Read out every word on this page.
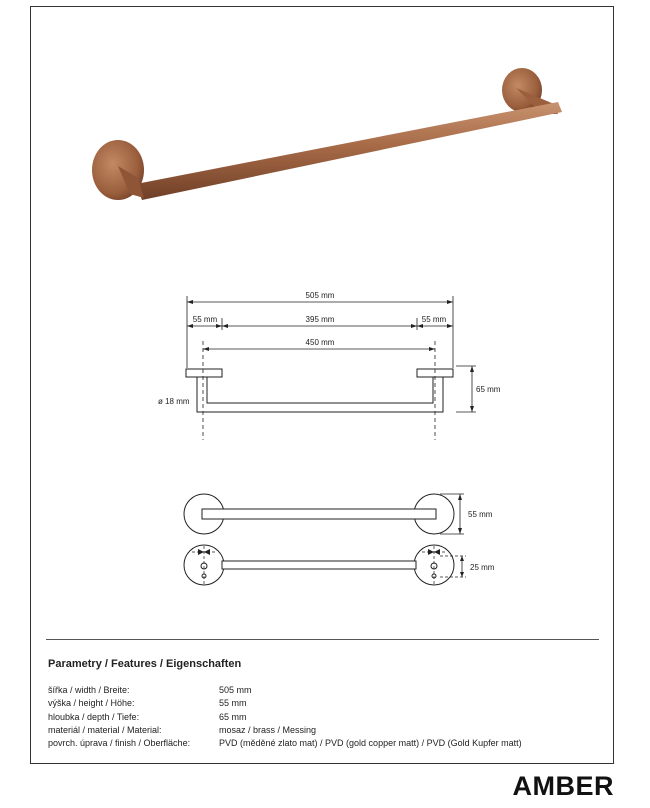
505 mm
55 mm	395 mm	55 mm
450 mm
65 mm
ø 18 mm
55 mm
25 mm
Parametry / Features / Eigenschaften
šířka / width / Breite:	505 mm
výška / height / Höhe:	55 mm
hloubka / depth / Tiefe:	65 mm
materiál / material / Material:	mosaz / brass / Messing
povrch. úprava / finish / Oberfläche:	PVD (měděné zlato mat) / PVD (gold copper matt) / PVD (Gold Kupfer matt)
AMBER
